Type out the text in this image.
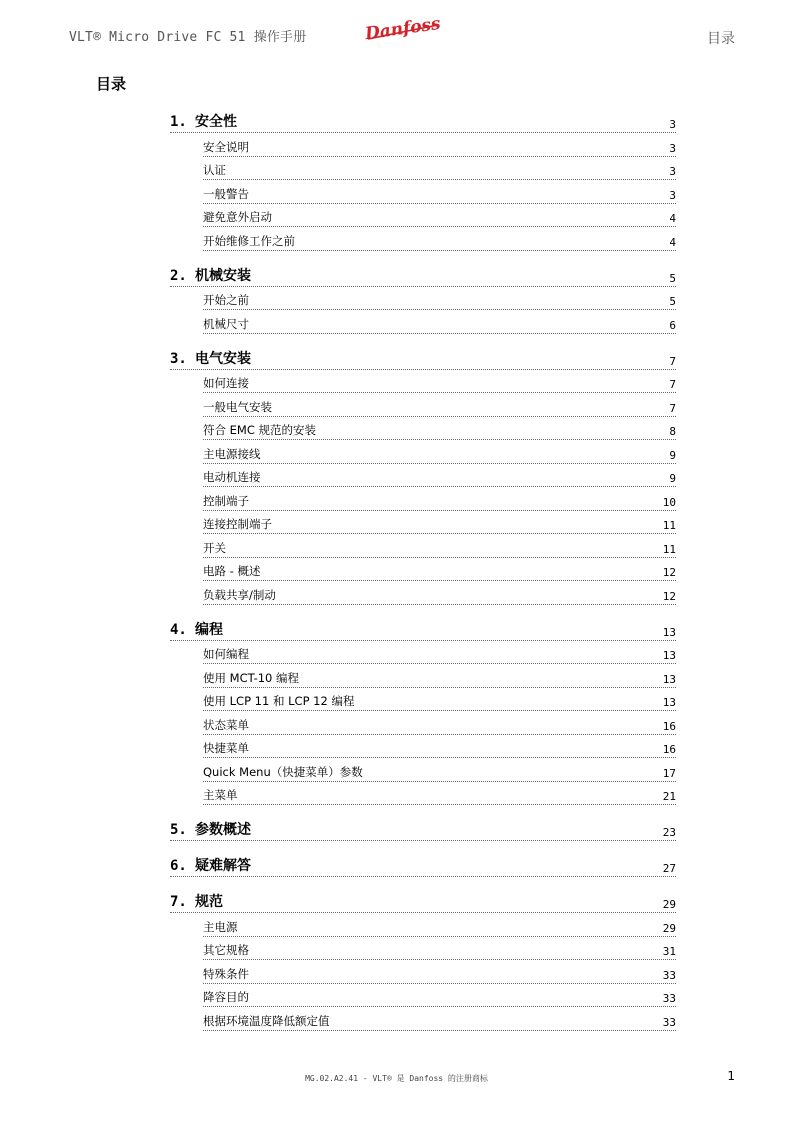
VLT® Micro Drive FC 51 操作手册	Danfoss	目录
目录
1. 安全性	3
安全说明	3
认证	3
一般警告	3
避免意外启动	4
开始维修工作之前	4
2. 机械安装	5
开始之前	5
机械尺寸	6
3. 电气安装	7
如何连接	7
一般电气安装	7
符合 EMC 规范的安装	8
主电源接线	9
电动机连接	9
控制端子	10
连接控制端子	11
开关	11
电路 - 概述	12
负载共享/制动	12
4. 编程	13
如何编程	13
使用 MCT-10 编程	13
使用 LCP 11 和 LCP 12 编程	13
状态菜单	16
快捷菜单	16
Quick Menu（快捷菜单）参数	17
主菜单	21
5. 参数概述	23
6. 疑难解答	27
7. 规范	29
主电源	29
其它规格	31
特殊条件	33
降容目的	33
根据环境温度降低额定值	33
MG.02.A2.41 - VLT® 是 Danfoss 的注册商标	1
